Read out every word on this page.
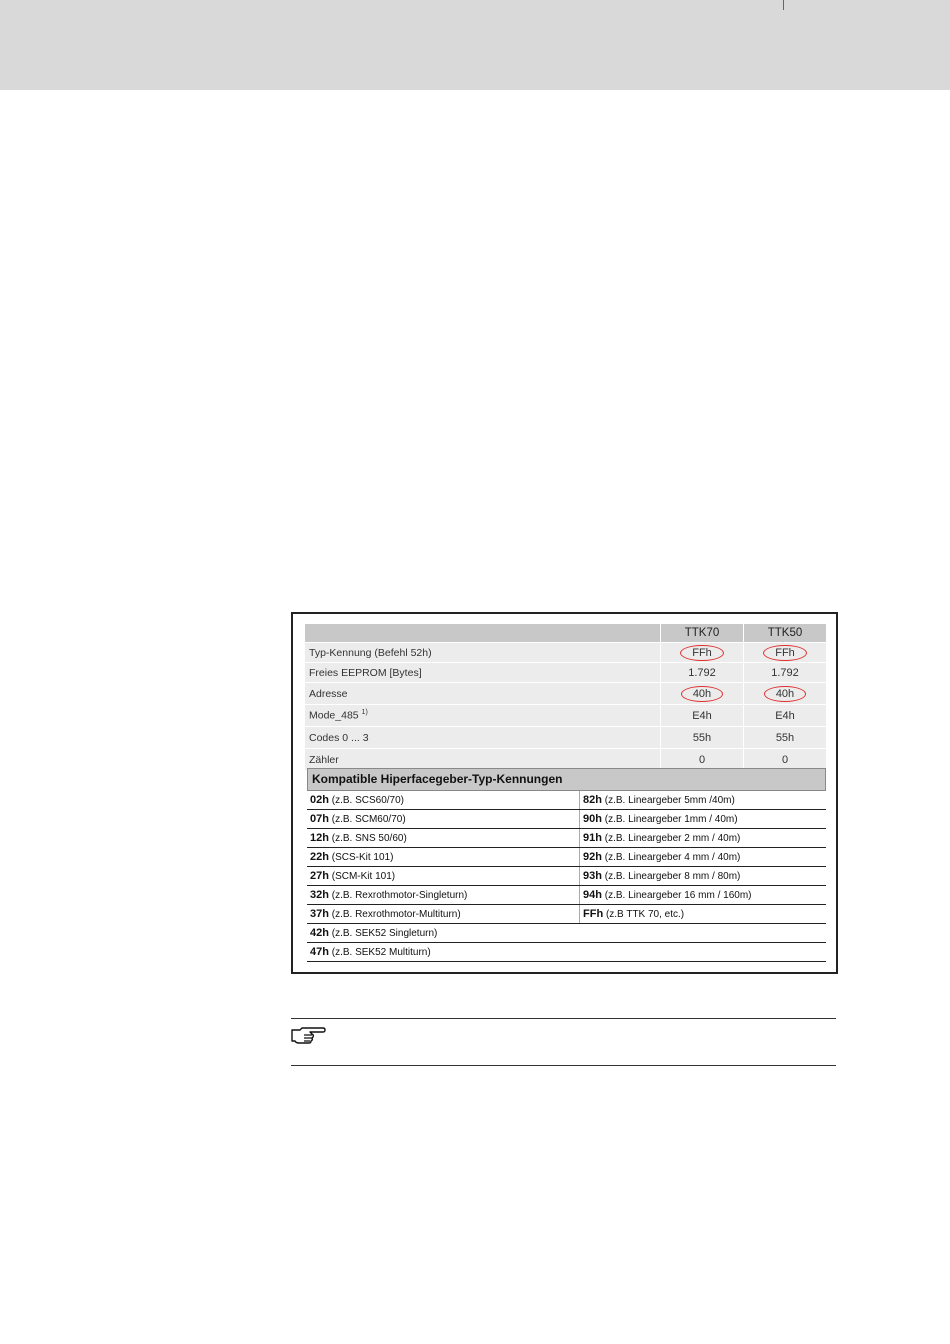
	TTK70	TTK50
Typ-Kennung (Befehl 52h)	FFh	FFh
Freies EEPROM [Bytes]	1.792	1.792
Adresse	40h	40h
Mode_485 $^{1)}$	E4h	E4h
Codes 0 ... 3	55h	55h
Zähler	0	0
Kompatible Hiperfacegeber-Typ-Kennungen
02h (z.B. SCS60/70)	82h (z.B. Lineargeber 5mm /40m)
07h (z.B. SCM60/70)	90h (z.B. Lineargeber 1mm / 40m)
12h (z.B. SNS 50/60)	91h (z.B. Lineargeber 2 mm / 40m)
22h (SCS-Kit 101)	92h (z.B. Lineargeber 4 mm / 40m)
27h (SCM-Kit 101)	93h (z.B. Lineargeber 8 mm / 80m)
32h (z.B. Rexrothmotor-Singleturn)	94h (z.B. Lineargeber 16 mm / 160m)
37h (z.B. Rexrothmotor-Multiturn)	FFh (z.B TTK 70, etc.)
42h (z.B. SEK52 Singleturn)	
47h (z.B. SEK52 Multiturn)	
